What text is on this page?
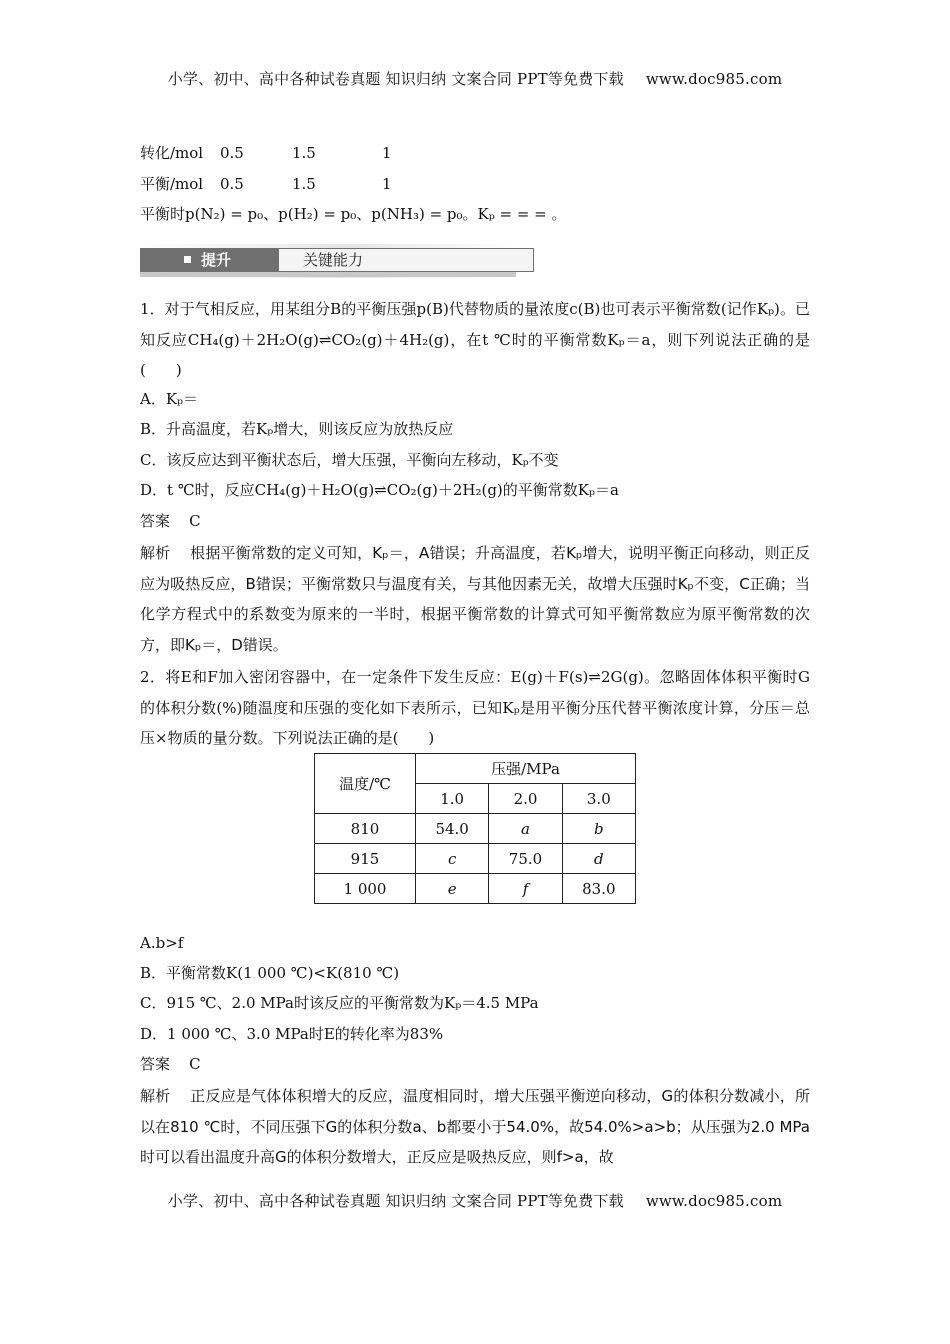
小学、初中、高中各种试卷真题 知识归纳 文案合同 PPT等免费下载 www.doc985.com
转化/mol 0.5	1.5	1
平衡/mol 0.5	1.5	1
平衡时p(N₂) = p₀、p(H₂) = p₀、p(NH₃) = p₀。Kₚ = = = 。
提升	关键能力
1．对于气相反应，用某组分B的平衡压强p(B)代替物质的量浓度c(B)也可表示平衡常数(记作Kₚ)。已知反应CH₄(g)＋2H₂O(g)⇌CO₂(g)＋4H₂(g)，在t ℃时的平衡常数Kₚ＝a，则下列说法正确的是(　　)
A．Kₚ＝
B．升高温度，若Kₚ增大，则该反应为放热反应
C．该反应达到平衡状态后，增大压强，平衡向左移动，Kₚ不变
D．t ℃时，反应CH₄(g)＋H₂O(g)⇌CO₂(g)＋2H₂(g)的平衡常数Kₚ＝a
答案 C
解析 根据平衡常数的定义可知，Kₚ＝，A错误；升高温度，若Kₚ增大，说明平衡正向移动，则正反应为吸热反应，B错误；平衡常数只与温度有关，与其他因素无关，故增大压强时Kₚ不变，C正确；当化学方程式中的系数变为原来的一半时，根据平衡常数的计算式可知平衡常数应为原平衡常数的次方，即Kₚ＝，D错误。
2．将E和F加入密闭容器中，在一定条件下发生反应：E(g)＋F(s)⇌2G(g)。忽略固体体积平衡时G的体积分数(%)随温度和压强的变化如下表所示，已知Kₚ是用平衡分压代替平衡浓度计算，分压＝总压×物质的量分数。下列说法正确的是(　　)
温度/℃	压强/MPa		
	1.0	2.0	3.0
810	54.0	a	b
915	c	75.0	d
1 000	e	f	83.0
A.b>f
B．平衡常数K(1 000 ℃)<K(810 ℃)
C．915 ℃、2.0 MPa时该反应的平衡常数为Kₚ＝4.5 MPa
D．1 000 ℃、3.0 MPa时E的转化率为83%
答案 C
解析 正反应是气体体积增大的反应，温度相同时，增大压强平衡逆向移动，G的体积分数减小，所以在810 ℃时，不同压强下G的体积分数a、b都要小于54.0%，故54.0%>a>b；从压强为2.0 MPa时可以看出温度升高G的体积分数增大，正反应是吸热反应，则f>a，故
小学、初中、高中各种试卷真题 知识归纳 文案合同 PPT等免费下载 www.doc985.com
